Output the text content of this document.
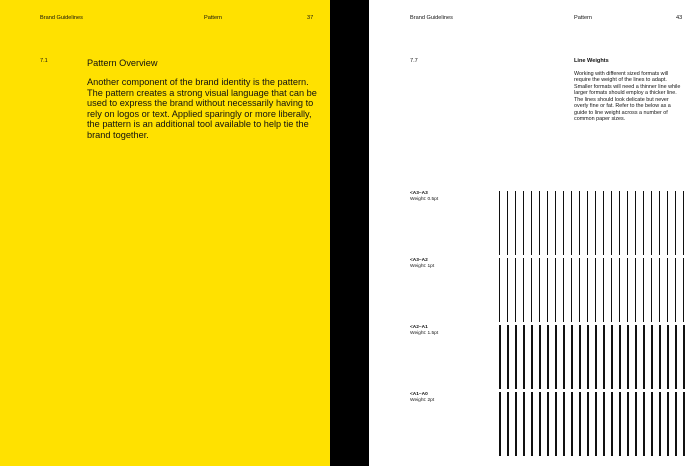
Brand Guidelines	Pattern	37
7.1	Pattern Overview
Another component of the brand identity is the pattern. The pattern creates a strong visual language that can be used to express the brand without necessarily having to rely on logos or text. Applied sparingly or more liberally, the pattern is an additional tool available to help tie the brand together.
Brand Guidelines	Pattern	43
7.7	Line Weights
Working with different sized formats will require the weight of the lines to adapt. Smaller formats will need a thinner line while larger formats should employ a thicker line. The lines should look delicate but never overly fine or fat. Refer to the below as a guide to line weight across a number of common paper sizes.
<A3–A3
Weight: 0.5pt
<A3–A2
Weight: 1pt
<A2–A1
Weight: 1.5pt
<A1–A0
Weight: 2pt
